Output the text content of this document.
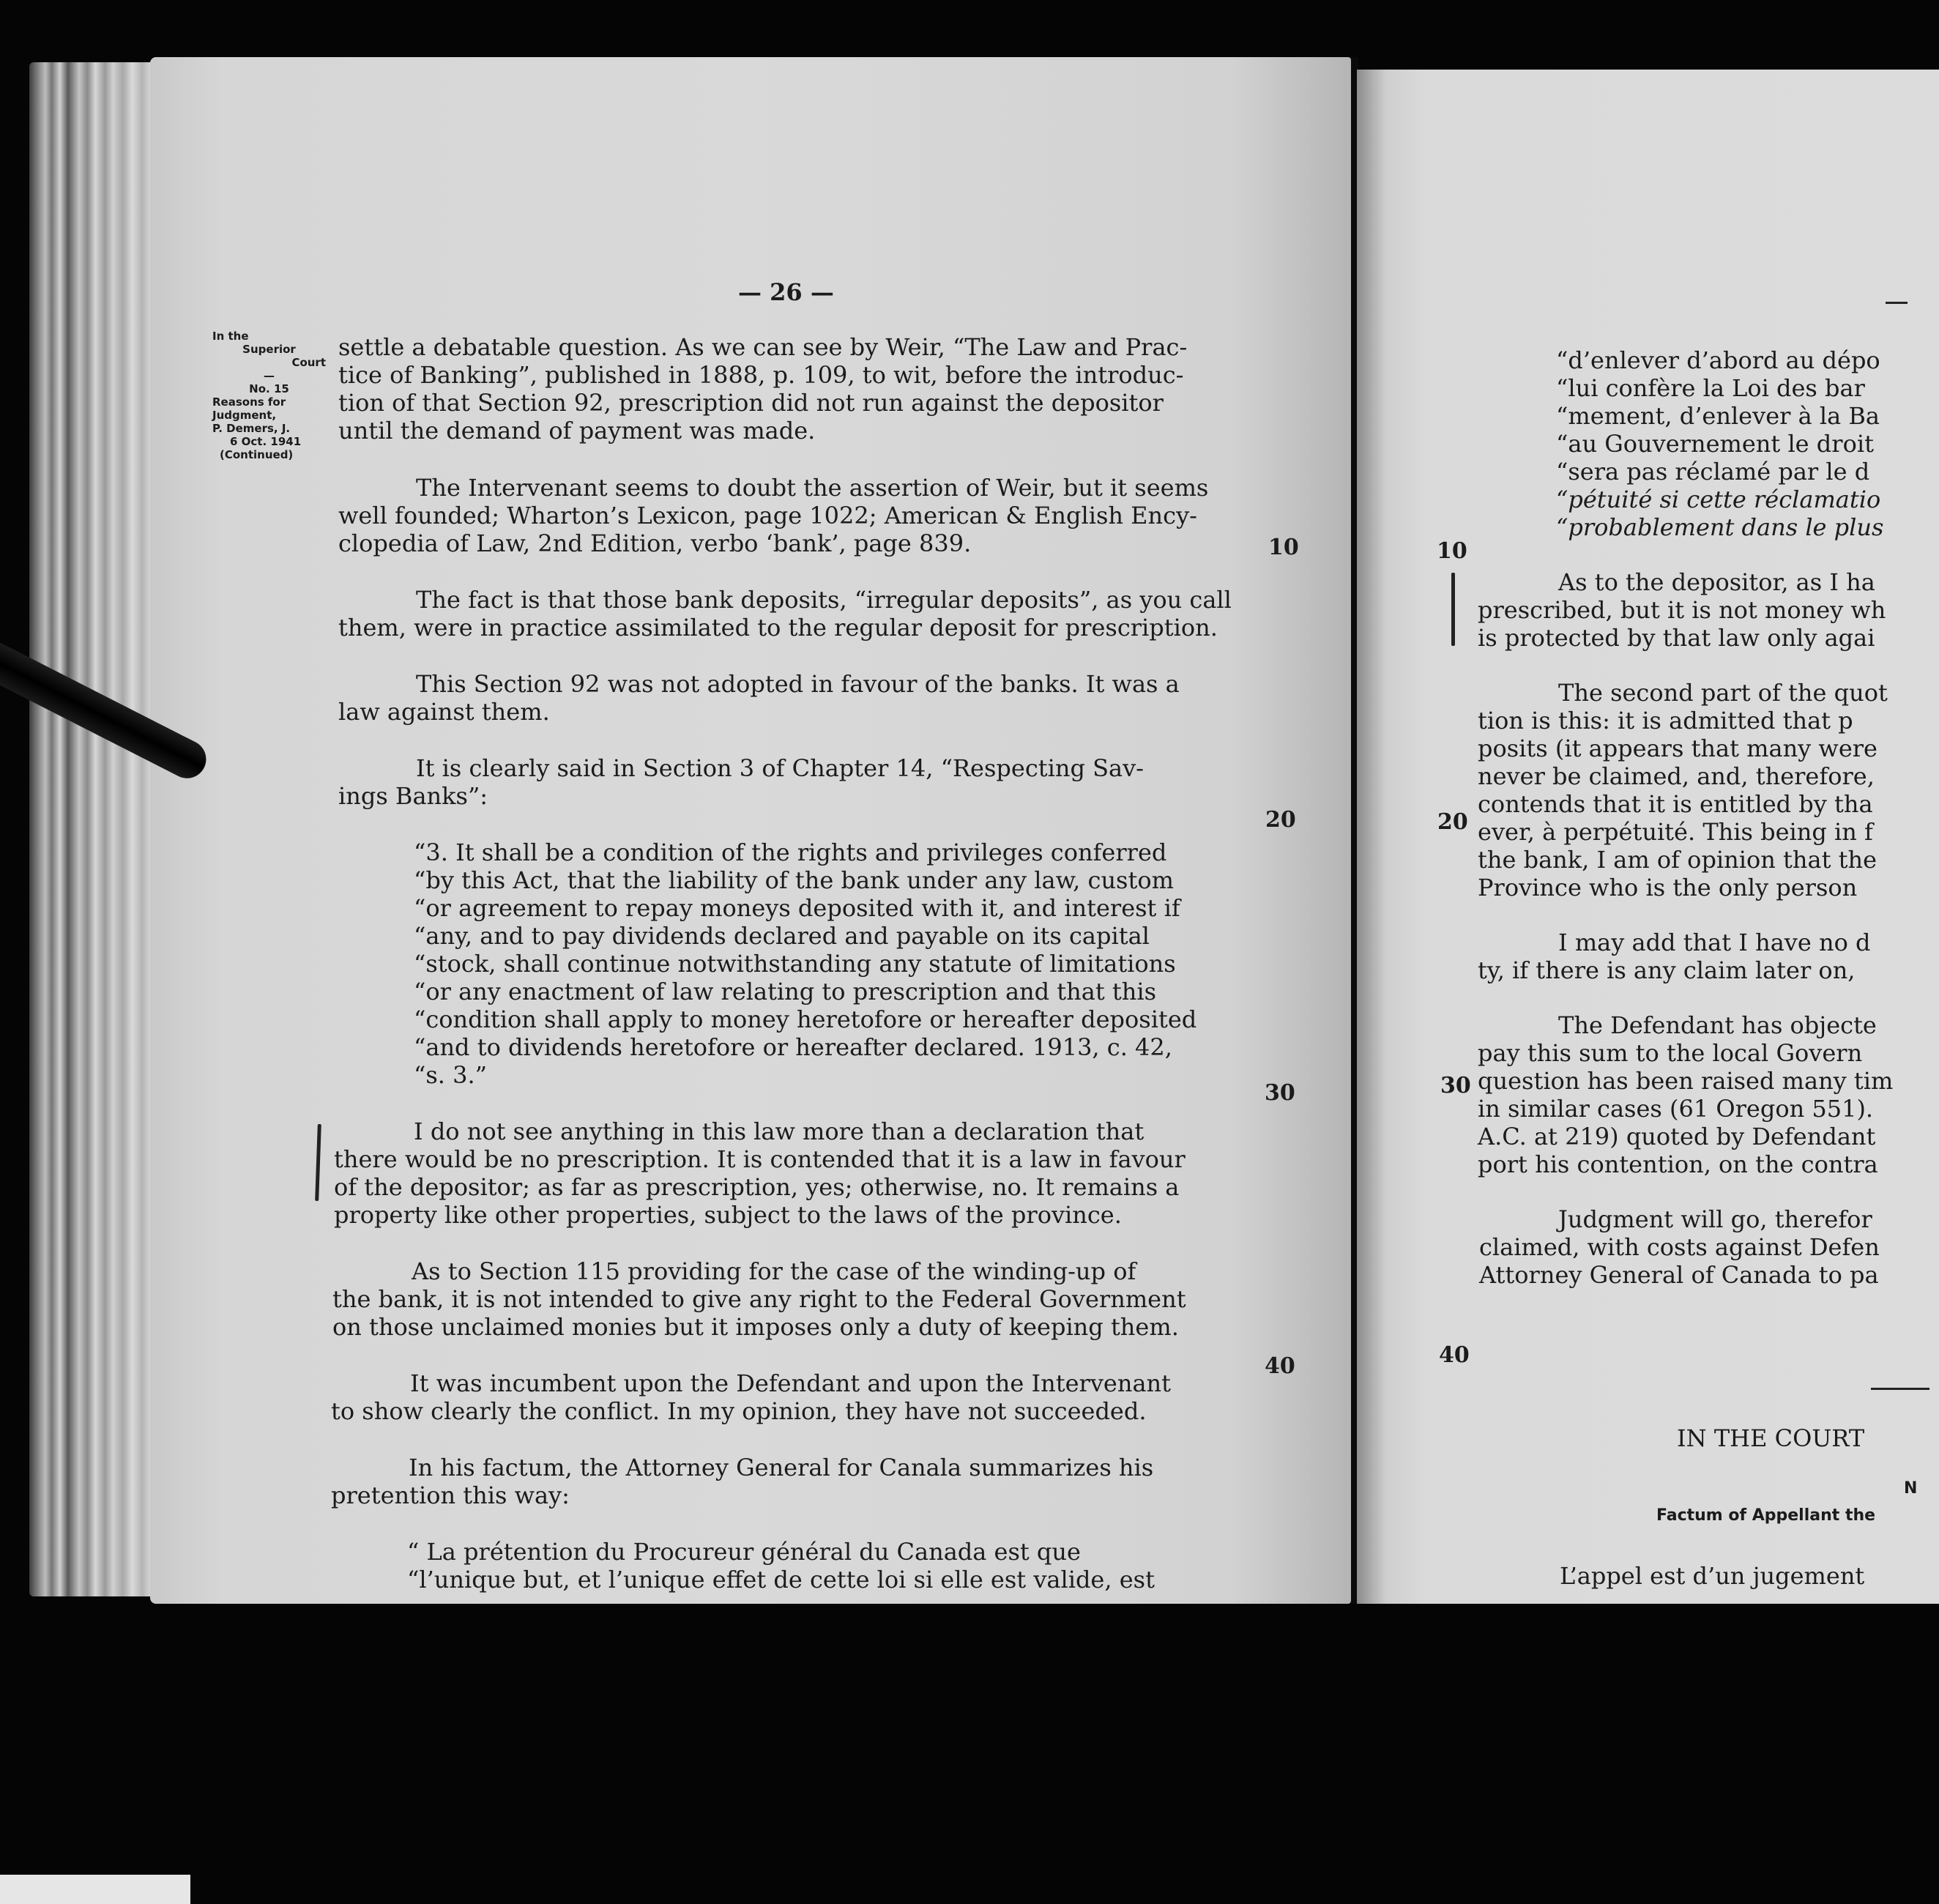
— 26 —
In the
Superior
Court
—
No. 15
Reasons for
Judgment,
P. Demers, J.
6 Oct. 1941
(Continued)
10
20
30
40
settle a debatable question. As we can see by Weir, “The Law and Prac-
tice of Banking”, published in 1888, p. 109, to wit, before the introduc-
tion of that Section 92, prescription did not run against the depositor
until the demand of payment was made.
The Intervenant seems to doubt the assertion of Weir, but it seems
well founded; Wharton’s Lexicon, page 1022; American & English Ency-
clopedia of Law, 2nd Edition, verbo ‘bank’, page 839.
The fact is that those bank deposits, “irregular deposits”, as you call
them, were in practice assimilated to the regular deposit for prescription.
This Section 92 was not adopted in favour of the banks. It was a
law against them.
It is clearly said in Section 3 of Chapter 14, “Respecting Sav-
ings Banks”:
“3. It shall be a condition of the rights and privileges conferred
“by this Act, that the liability of the bank under any law, custom
“or agreement to repay moneys deposited with it, and interest if
“any, and to pay dividends declared and payable on its capital
“stock, shall continue notwithstanding any statute of limitations
“or any enactment of law relating to prescription and that this
“condition shall apply to money heretofore or hereafter deposited
“and to dividends heretofore or hereafter declared. 1913, c. 42,
“s. 3.”
I do not see anything in this law more than a declaration that
there would be no prescription. It is contended that it is a law in favour
of the depositor; as far as prescription, yes; otherwise, no. It remains a
property like other properties, subject to the laws of the province.
As to Section 115 providing for the case of the winding-up of
the bank, it is not intended to give any right to the Federal Government
on those unclaimed monies but it imposes only a duty of keeping them.
It was incumbent upon the Defendant and upon the Intervenant
to show clearly the conflict. In my opinion, they have not succeeded.
In his factum, the Attorney General for Canala summarizes his
pretention this way:
“ La prétention du Procureur général du Canada est que
“l’unique but, et l’unique effet de cette loi si elle est valide, est
10
20
30
40
“d’enlever d’abord au dépo
“lui confère la Loi des bar
“mement, d’enlever à la Ba
“au Gouvernement le droit
“sera pas réclamé par le d
“pétuité si cette réclamatio
“probablement dans le plus
As to the depositor, as I ha
prescribed, but it is not money wh
is protected by that law only agai
The second part of the quot
tion is this: it is admitted that p
posits (it appears that many were
never be claimed, and, therefore,
contends that it is entitled by tha
ever, à perpétuité. This being in f
the bank, I am of opinion that the
Province who is the only person
I may add that I have no d
ty, if there is any claim later on,
The Defendant has objecte
pay this sum to the local Govern
question has been raised many tim
in similar cases (61 Oregon 551).
A.C. at 219) quoted by Defendant
port his contention, on the contra
Judgment will go, therefor
claimed, with costs against Defen
Attorney General of Canada to pa
IN THE COURT
N
Factum of Appellant the
L’appel est d’un jugement
